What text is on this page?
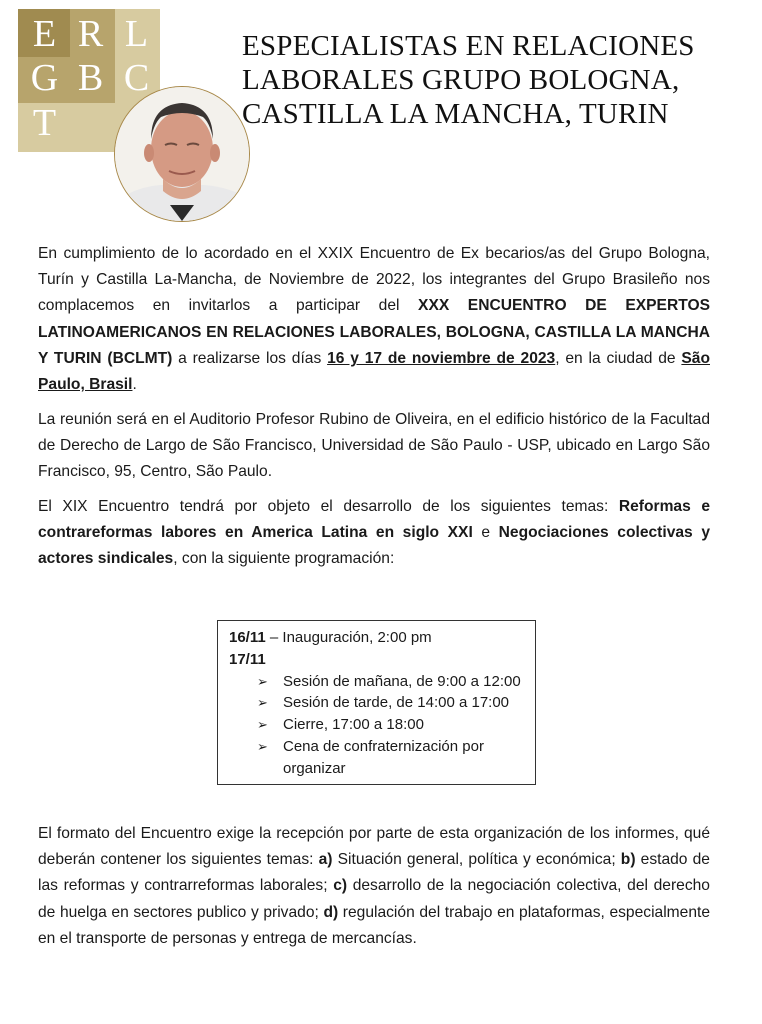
E R L
G B C
T
ESPECIALISTAS EN RELACIONES
LABORALES GRUPO BOLOGNA,
CASTILLA LA MANCHA, TURIN
En cumplimiento de lo acordado en el XXIX Encuentro de Ex becarios/as del Grupo Bologna, Turín y Castilla La-Mancha, de Noviembre de 2022, los integrantes del Grupo Brasileño nos complacemos en invitarlos a participar del XXX ENCUENTRO DE EXPERTOS LATINOAMERICANOS EN RELACIONES LABORALES, BOLOGNA, CASTILLA LA MANCHA Y TURIN (BCLMT) a realizarse los días 16 y 17 de noviembre de 2023, en la ciudad de São Paulo, Brasil.
La reunión será en el Auditorio Profesor Rubino de Oliveira, en el edificio histórico de la Facultad de Derecho de Largo de São Francisco, Universidad de São Paulo - USP, ubicado en Largo São Francisco, 95, Centro, São Paulo.
El XIX Encuentro tendrá por objeto el desarrollo de los siguientes temas: Reformas e contrareformas labores en America Latina en siglo XXI e Negociaciones colectivas y actores sindicales, con la siguiente programación:
16/11 – Inauguración, 2:00 pm
17/11
➢ Sesión de mañana, de 9:00 a 12:00
➢ Sesión de tarde, de 14:00 a 17:00
➢ Cierre, 17:00 a 18:00
➢ Cena de confraternización por organizar
El formato del Encuentro exige la recepción por parte de esta organización de los informes, qué deberán contener los siguientes temas: a) Situación general, política y económica; b) estado de las reformas y contrarreformas laborales; c) desarrollo de la negociación colectiva, del derecho de huelga en sectores publico y privado; d) regulación del trabajo en plataformas, especialmente en el transporte de personas y entrega de mercancías.
